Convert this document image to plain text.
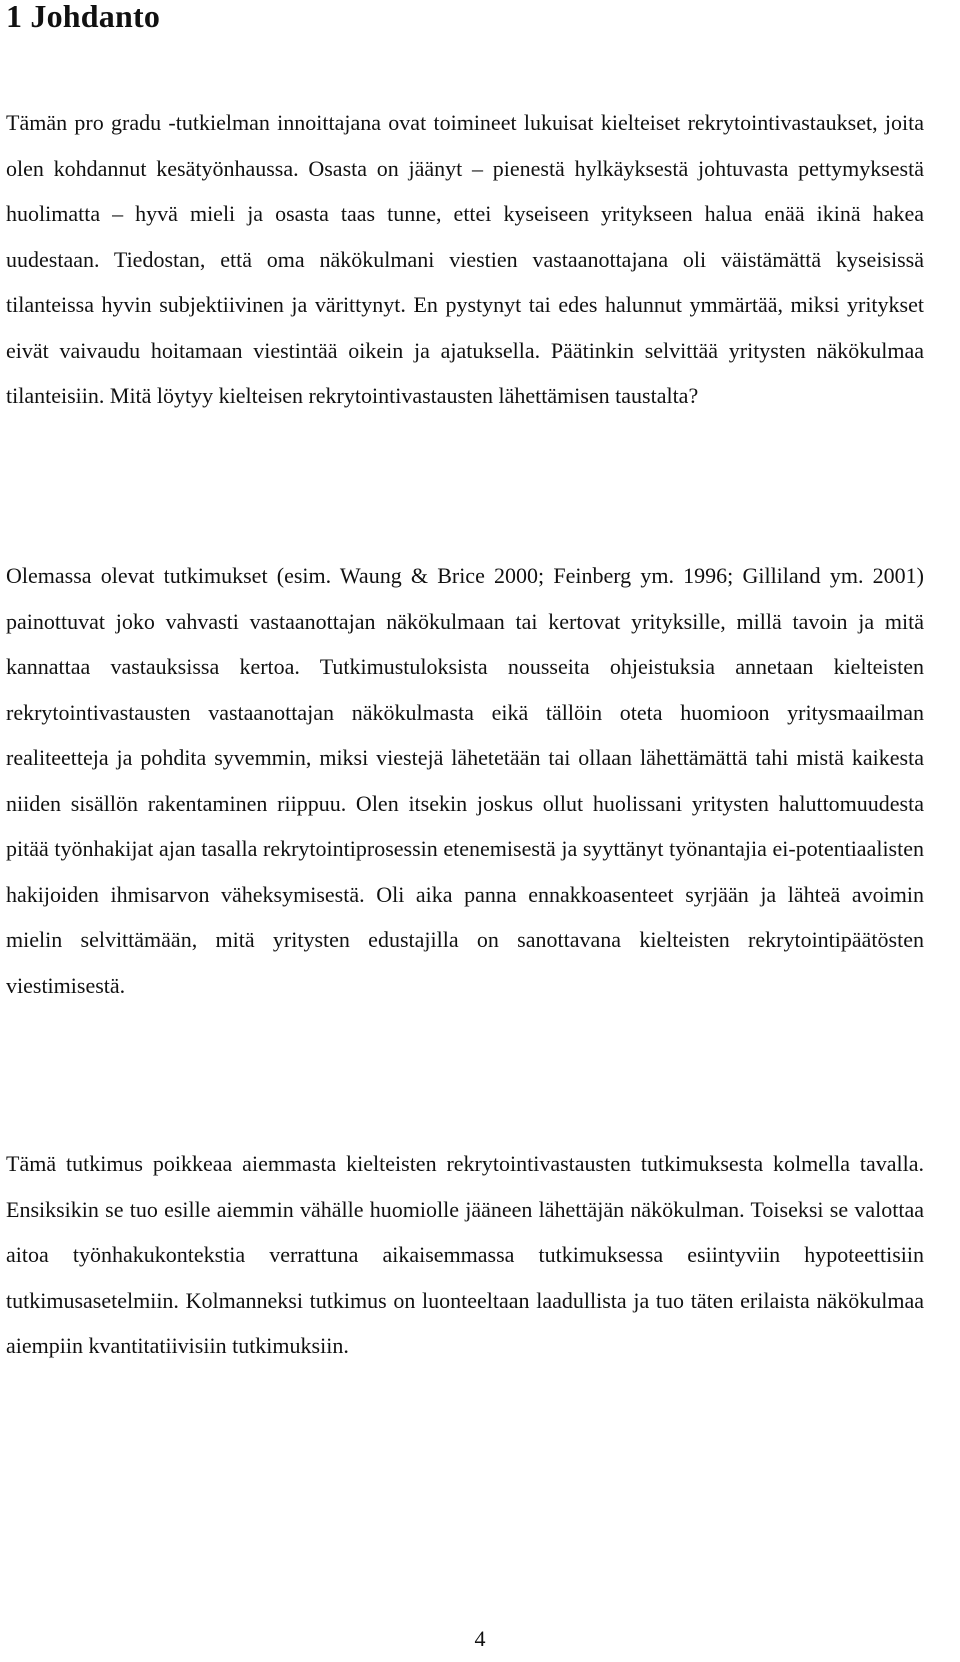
1 Johdanto

Tämän pro gradu -tutkielman innoittajana ovat toimineet lukuisat kielteiset rekrytointivastaukset, joita olen kohdannut kesätyönhaussa. Osasta on jäänyt – pienestä hylkäyksestä johtuvasta pettymyksestä huolimatta – hyvä mieli ja osasta taas tunne, ettei kyseiseen yritykseen halua enää ikinä hakea uudestaan. Tiedostan, että oma näkökulmani viestien vastaanottajana oli väistämättä kyseisissä tilanteissa hyvin subjektiivinen ja värittynyt. En pystynyt tai edes halunnut ymmärtää, miksi yritykset eivät vaivaudu hoitamaan viestintää oikein ja ajatuksella. Päätinkin selvittää yritysten näkökulmaa tilanteisiin. Mitä löytyy kielteisen rekrytointivastausten lähettämisen taustalta?

Olemassa olevat tutkimukset (esim. Waung & Brice 2000; Feinberg ym. 1996; Gilliland ym. 2001) painottuvat joko vahvasti vastaanottajan näkökulmaan tai kertovat yrityksille, millä tavoin ja mitä kannattaa vastauksissa kertoa. Tutkimustuloksista nousseita ohjeistuksia annetaan kielteisten rekrytointivastausten vastaanottajan näkökulmasta eikä tällöin oteta huomioon yritysmaailman realiteetteja ja pohdita syvemmin, miksi viestejä lähetetään tai ollaan lähettämättä tahi mistä kaikesta niiden sisällön rakentaminen riippuu. Olen itsekin joskus ollut huolissani yritysten haluttomuudesta pitää työnhakijat ajan tasalla rekrytointiprosessin etenemisestä ja syyttänyt työnantajia ei-potentiaalisten hakijoiden ihmisarvon väheksymisestä. Oli aika panna ennakkoasenteet syrjään ja lähteä avoimin mielin selvittämään, mitä yritysten edustajilla on sanottavana kielteisten rekrytointipäätösten viestimisestä.

Tämä tutkimus poikkeaa aiemmasta kielteisten rekrytointivastausten tutkimuksesta kolmella tavalla. Ensiksikin se tuo esille aiemmin vähälle huomiolle jääneen lähettäjän näkökulman. Toiseksi se valottaa aitoa työnhakukontekstia verrattuna aikaisemmassa tutkimuksessa esiintyviin hypoteettisiin tutkimusasetelmiin. Kolmanneksi tutkimus on luonteeltaan laadullista ja tuo täten erilaista näkökulmaa aiempiin kvantitatiivisiin tutkimuksiin.

4
